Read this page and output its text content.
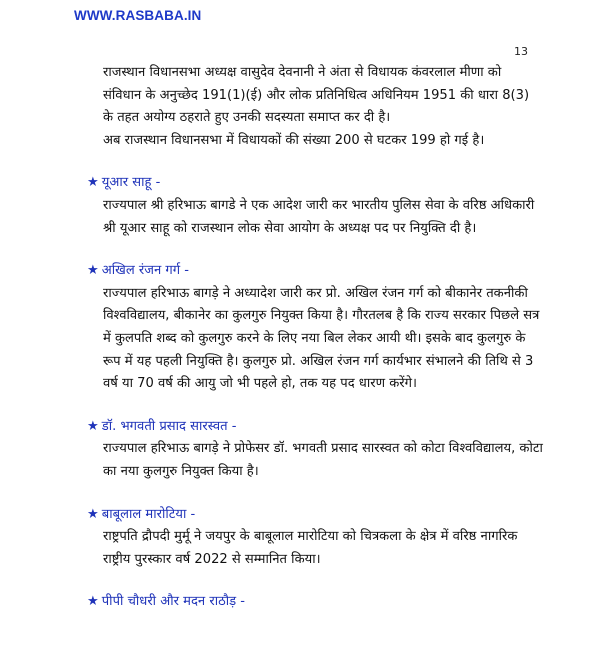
WWW.RASBABA.IN
13

राजस्थान विधानसभा अध्यक्ष वासुदेव देवनानी ने अंता से विधायक कंवरलाल मीणा को संविधान के अनुच्छेद 191(1)(ई) और लोक प्रतिनिधित्व अधिनियम 1951 की धारा 8(3) के तहत अयोग्य ठहराते हुए उनकी सदस्यता समाप्त कर दी है।

अब राजस्थान विधानसभा में विधायकों की संख्या 200 से घटकर 199 हो गई है।

★ यूआर साहू -

राज्यपाल श्री हरिभाऊ बागडे ने एक आदेश जारी कर भारतीय पुलिस सेवा के वरिष्ठ अधिकारी श्री यूआर साहू को राजस्थान लोक सेवा आयोग के अध्यक्ष पद पर नियुक्ति दी है।

★ अखिल रंजन गर्ग -

राज्यपाल हरिभाऊ बागड़े ने अध्यादेश जारी कर प्रो. अखिल रंजन गर्ग को बीकानेर तकनीकी विश्वविद्यालय, बीकानेर का कुलगुरु नियुक्त किया है। गौरतलब है कि राज्य सरकार पिछले सत्र में कुलपति शब्द को कुलगुरु करने के लिए नया बिल लेकर आयी थी। इसके बाद कुलगुरु के रूप में यह पहली नियुक्ति है। कुलगुरु प्रो. अखिल रंजन गर्ग कार्यभार संभालने की तिथि से 3 वर्ष या 70 वर्ष की आयु जो भी पहले हो, तक यह पद धारण करेंगे।

★ डॉ. भगवती प्रसाद सारस्वत -

राज्यपाल हरिभाऊ बागड़े ने प्रोफेसर डॉ. भगवती प्रसाद सारस्वत को कोटा विश्वविद्यालय, कोटा का नया कुलगुरु नियुक्त किया है।

★ बाबूलाल मारोटिया -

राष्ट्रपति द्रौपदी मुर्मू ने जयपुर के बाबूलाल मारोटिया को चित्रकला के क्षेत्र में वरिष्ठ नागरिक राष्ट्रीय पुरस्कार वर्ष 2022 से सम्मानित किया।

★ पीपी चौधरी और मदन राठौड़ -
